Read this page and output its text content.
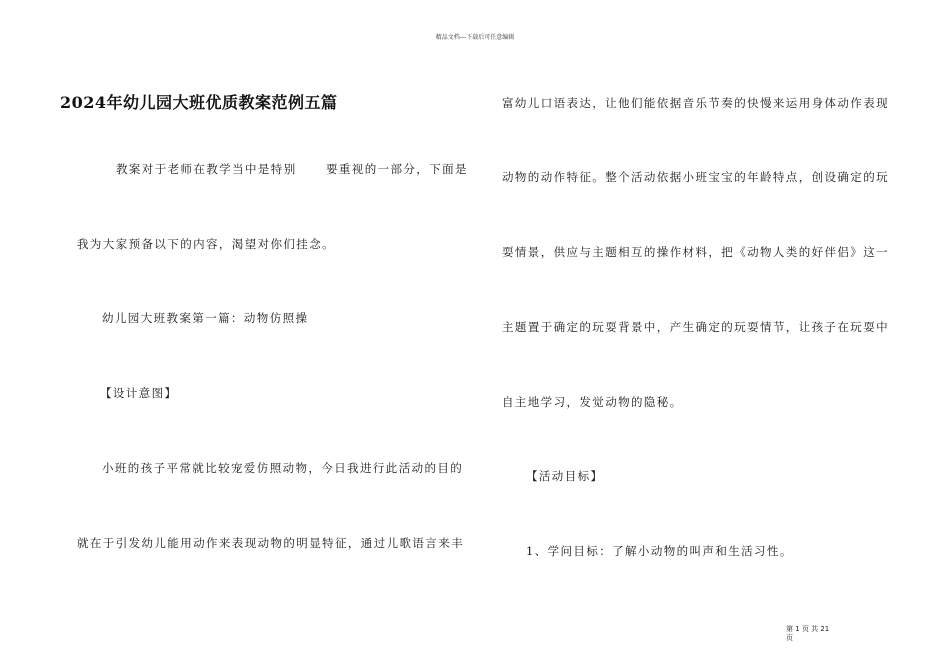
精品文档---下载后可任意编辑
2024年幼儿园大班优质教案范例五篇
教案对于老师在教学当中是特别	要重视的一部分，下面是
我为大家预备以下的内容，渴望对你们挂念。
幼儿园大班教案第一篇：动物仿照操
【设计意图】
小班的孩子平常就比较宠爱仿照动物，今日我进行此活动的目的
就在于引发幼儿能用动作来表现动物的明显特征，通过儿歌语言来丰
富幼儿口语表达，让他们能依据音乐节奏的快慢来运用身体动作表现
动物的动作特征。整个活动依据小班宝宝的年龄特点，创设确定的玩
耍情景，供应与主题相互的操作材料，把《动物人类的好伴侣》这一
主题置于确定的玩耍背景中，产生确定的玩耍情节，让孩子在玩耍中
自主地学习，发觉动物的隐秘。
【活动目标】
1、学问目标：了解小动物的叫声和生活习性。
第 1 页 共 21
页
